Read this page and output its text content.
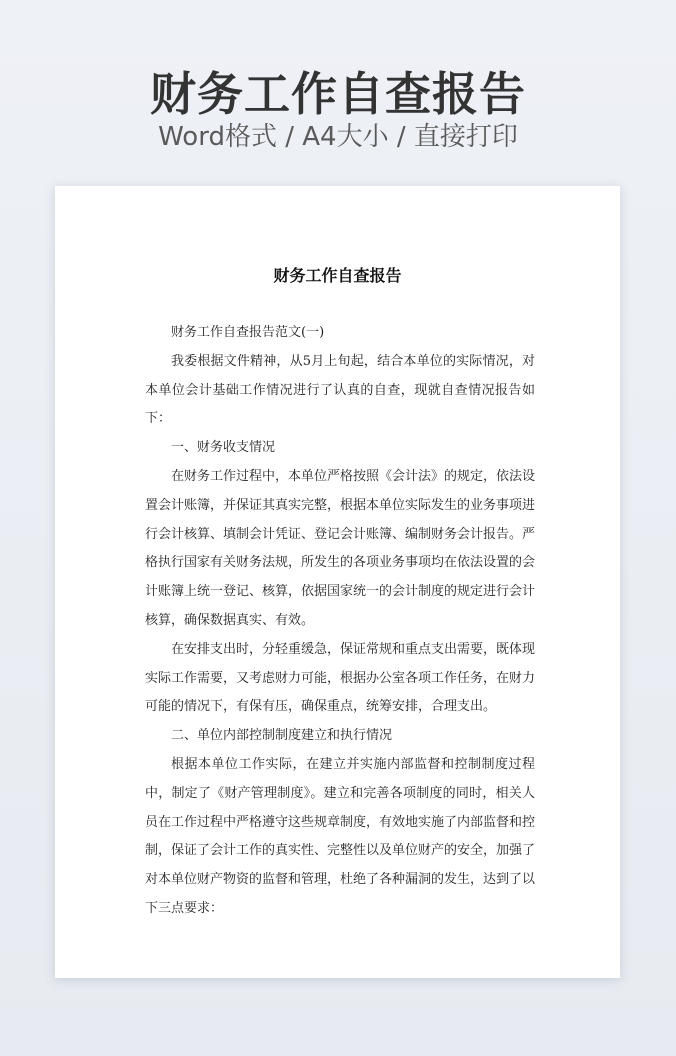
财务工作自查报告
Word格式 / A4大小 / 直接打印
财务工作自查报告

财务工作自查报告范文(一)

我委根据文件精神，从5月上旬起，结合本单位的实际情况，对本单位会计基础工作情况进行了认真的自查，现就自查情况报告如下：

一、财务收支情况

在财务工作过程中，本单位严格按照《会计法》的规定，依法设置会计账簿，并保证其真实完整，根据本单位实际发生的业务事项进行会计核算、填制会计凭证、登记会计账簿、编制财务会计报告。严格执行国家有关财务法规，所发生的各项业务事项均在依法设置的会计账簿上统一登记、核算，依据国家统一的会计制度的规定进行会计核算，确保数据真实、有效。

在安排支出时，分轻重缓急，保证常规和重点支出需要，既体现实际工作需要，又考虑财力可能，根据办公室各项工作任务，在财力可能的情况下，有保有压，确保重点，统筹安排，合理支出。

二、单位内部控制制度建立和执行情况

根据本单位工作实际，在建立并实施内部监督和控制制度过程中，制定了《财产管理制度》。建立和完善各项制度的同时，相关人员在工作过程中严格遵守这些规章制度，有效地实施了内部监督和控制，保证了会计工作的真实性、完整性以及单位财产的安全，加强了对本单位财产物资的监督和管理，杜绝了各种漏洞的发生，达到了以下三点要求：
